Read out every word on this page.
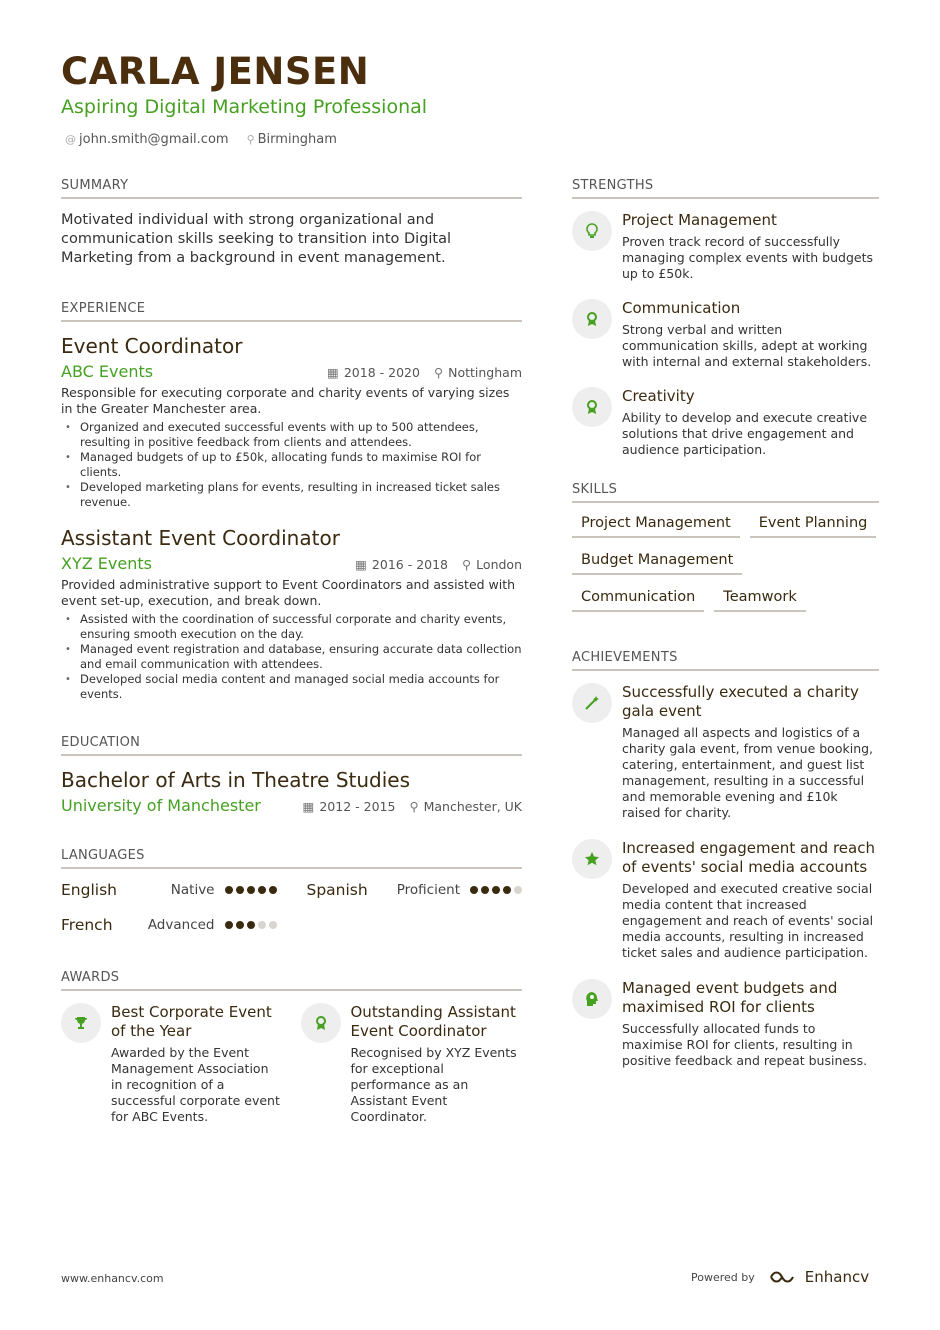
CARLA JENSEN
Aspiring Digital Marketing Professional
@ john.smith@gmail.com ⚲ Birmingham
SUMMARY
Motivated individual with strong organizational and communication skills seeking to transition into Digital Marketing from a background in event management.
EXPERIENCE
Event Coordinator
ABC Events	▦ 2018 - 2020 ⚲ Nottingham
Responsible for executing corporate and charity events of varying sizes in the Greater Manchester area.
• Organized and executed successful events with up to 500 attendees, resulting in positive feedback from clients and attendees.
• Managed budgets of up to £50k, allocating funds to maximise ROI for clients.
• Developed marketing plans for events, resulting in increased ticket sales revenue.
Assistant Event Coordinator
XYZ Events	▦ 2016 - 2018 ⚲ London
Provided administrative support to Event Coordinators and assisted with event set-up, execution, and break down.
• Assisted with the coordination of successful corporate and charity events, ensuring smooth execution on the day.
• Managed event registration and database, ensuring accurate data collection and email communication with attendees.
• Developed social media content and managed social media accounts for events.
EDUCATION
Bachelor of Arts in Theatre Studies
University of Manchester	▦ 2012 - 2015 ⚲ Manchester, UK
LANGUAGES
English	Native	Spanish	Proficient
French	Advanced
AWARDS
Best Corporate Event of the Year
Awarded by the Event Management Association in recognition of a successful corporate event for ABC Events.
Outstanding Assistant Event Coordinator
Recognised by XYZ Events for exceptional performance as an Assistant Event Coordinator.
STRENGTHS
Project Management
Proven track record of successfully managing complex events with budgets up to £50k.
Communication
Strong verbal and written communication skills, adept at working with internal and external stakeholders.
Creativity
Ability to develop and execute creative solutions that drive engagement and audience participation.
SKILLS
Project Management	Event Planning
Budget Management
Communication	Teamwork
ACHIEVEMENTS
Successfully executed a charity gala event
Managed all aspects and logistics of a charity gala event, from venue booking, catering, entertainment, and guest list management, resulting in a successful and memorable evening and £10k raised for charity.
Increased engagement and reach of events' social media accounts
Developed and executed creative social media content that increased engagement and reach of events' social media accounts, resulting in increased ticket sales and audience participation.
Managed event budgets and maximised ROI for clients
Successfully allocated funds to maximise ROI for clients, resulting in positive feedback and repeat business.
www.enhancv.com	Powered by	Enhancv
